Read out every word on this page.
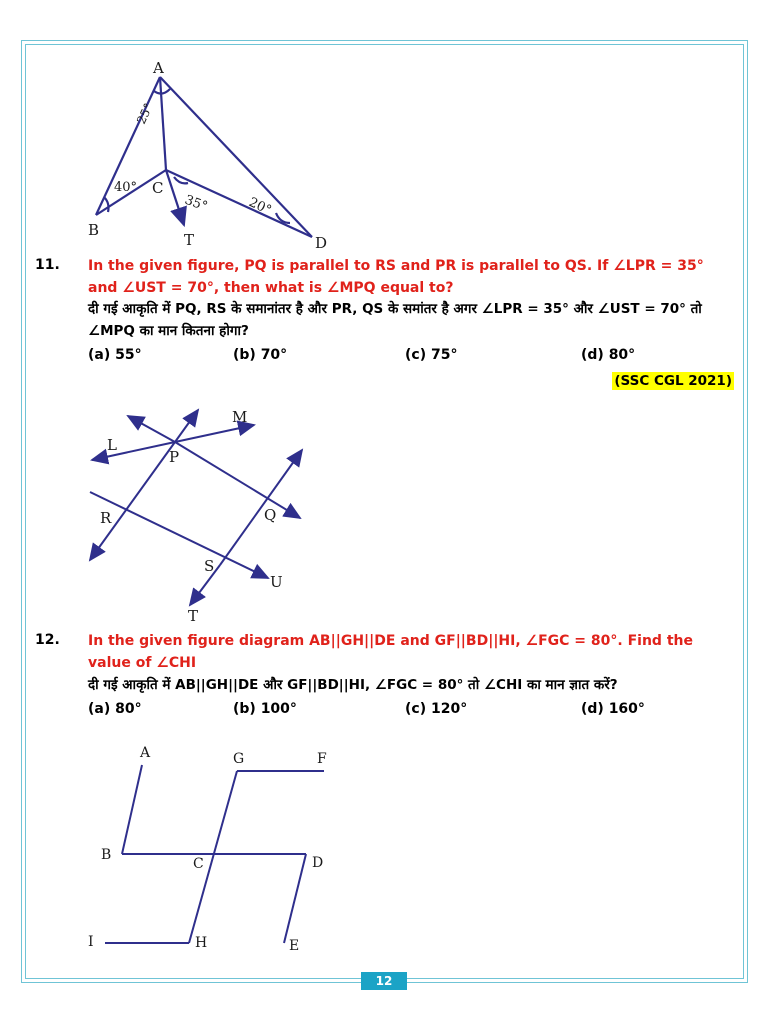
A
B
C
D
T
25°
40°
35°	20°
11. In the given figure, PQ is parallel to RS and PR is parallel to QS. If ∠LPR = 35° and ∠UST = 70°, then what is ∠MPQ equal to?
दी गई आकृति में PQ, RS के समानांतर है और PR, QS के समांतर है अगर ∠LPR = 35° और ∠UST = 70° तो ∠MPQ का मान कितना होगा?
(a) 55°	(b) 70°	(c) 75°	(d) 80°
(SSC CGL 2021)
L
M
P
R	Q
S
U
T
12. In the given figure diagram AB||GH||DE and GF||BD||HI, ∠FGC = 80°. Find the value of ∠CHI
दी गई आकृति में AB||GH||DE और GF||BD||HI, ∠FGC = 80° तो ∠CHI का मान ज्ञात करें?
(a) 80°	(b) 100°	(c) 120°	(d) 160°
A	G	F
B
C	D
I	H	E
12
